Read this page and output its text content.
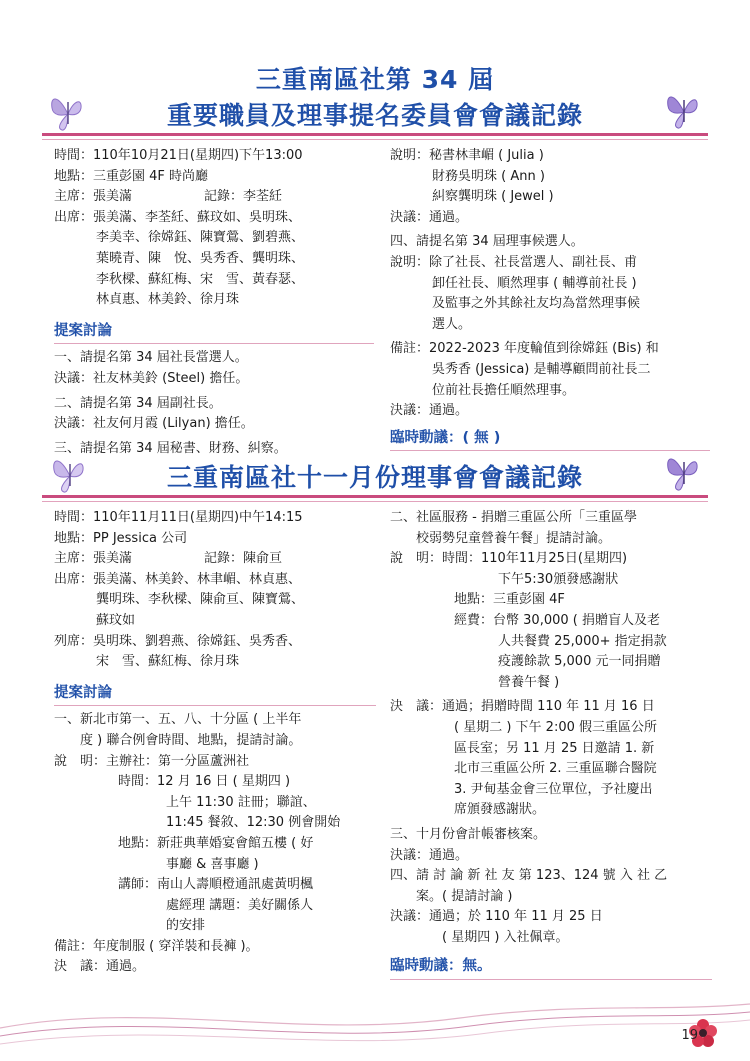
三重南區社第 34 屆
重要職員及理事提名委員會會議記錄
時間： 110年10月21日(星期四)下午13:00
地點： 三重彭園 4F 時尚廳
主席： 張美滿	記錄： 李荃紝
出席： 張美滿、李荃紝、蘇玟如、吳明珠、
李美幸、徐嫦鈺、陳寶鶯、劉碧燕、
葉曉青、陳　悅、吳秀香、龔明珠、
李秋樑、蘇紅梅、宋　雪、黃春瑟、
林貞惠、林美鈴、徐月珠
提案討論
一、請提名第 34 屆社長當選人。
決議：社友林美鈴 (Steel) 擔任。
二、請提名第 34 屆副社長。
決議：社友何月霞 (Lilyan) 擔任。
三、請提名第 34 屆秘書、財務、糾察。
說明： 秘書林聿嵋 ( Julia )
財務吳明珠 ( Ann )
糾察龔明珠 ( Jewel )
決議：通過。
四、請提名第 34 屆理事候選人。
說明： 除了社長、社長當選人、副社長、甫
卸任社長、順然理事 ( 輔導前社長 )
及監事之外其餘社友均為當然理事候
選人。
備註： 2022-2023 年度輪值到徐嫦鈺 (Bis) 和
吳秀香 (Jessica) 是輔導顧問前社長二
位前社長擔任順然理事。
決議：通過。
臨時動議：( 無 )
三重南區社十一月份理事會會議記錄
時間： 110年11月11日(星期四)中午14:15
地點： PP Jessica 公司
主席： 張美滿	記錄： 陳俞亘
出席： 張美滿、林美鈴、林聿嵋、林貞惠、
龔明珠、李秋樑、陳俞亘、陳寶鶯、
蘇玟如
列席： 吳明珠、劉碧燕、徐嫦鈺、吳秀香、
宋　雪、蘇紅梅、徐月珠
提案討論
一、新北市第一、五、八、十分區 ( 上半年
度 ) 聯合例會時間、地點，提請討論。
說　明： 主辦社：第一分區蘆洲社
時間： 12 月 16 日 ( 星期四 )
上午 11:30 註冊；聯誼、
11:45 餐敘、12:30 例會開始
地點： 新莊典華婚宴會館五樓 ( 好
事廳 & 喜事廳 )
講師： 南山人壽順橙通訊處黃明楓
處經理 講題：美好關係人
的安排
備註：年度制服 ( 穿洋裝和長褲 )。
決　議：通過。
二、社區服務 - 捐贈三重區公所「三重區學
校弱勢兒童營養午餐」提請討論。
說　明： 時間：110年11月25日(星期四)
下午5:30頒發感謝狀
地點：三重彭園 4F
經費： 台幣 30,000 ( 捐贈盲人及老
人共餐費 25,000+ 指定捐款
疫護餘款 5,000 元一同捐贈
營養午餐 )
決　議： 通過；捐贈時間 110 年 11 月 16 日
( 星期二 ) 下午 2:00 假三重區公所
區長室；另 11 月 25 日邀請 1. 新
北市三重區公所 2. 三重區聯合醫院
3. 尹甸基金會三位單位，予社慶出
席頒發感謝狀。
三、十月份會計帳審核案。
決議：通過。
四、請 討 論 新 社 友 第 123、124 號 入 社 乙
案。( 提請討論 )
決議：通過；於 110 年 11 月 25 日
( 星期四 ) 入社佩章。
臨時動議：無。
19
